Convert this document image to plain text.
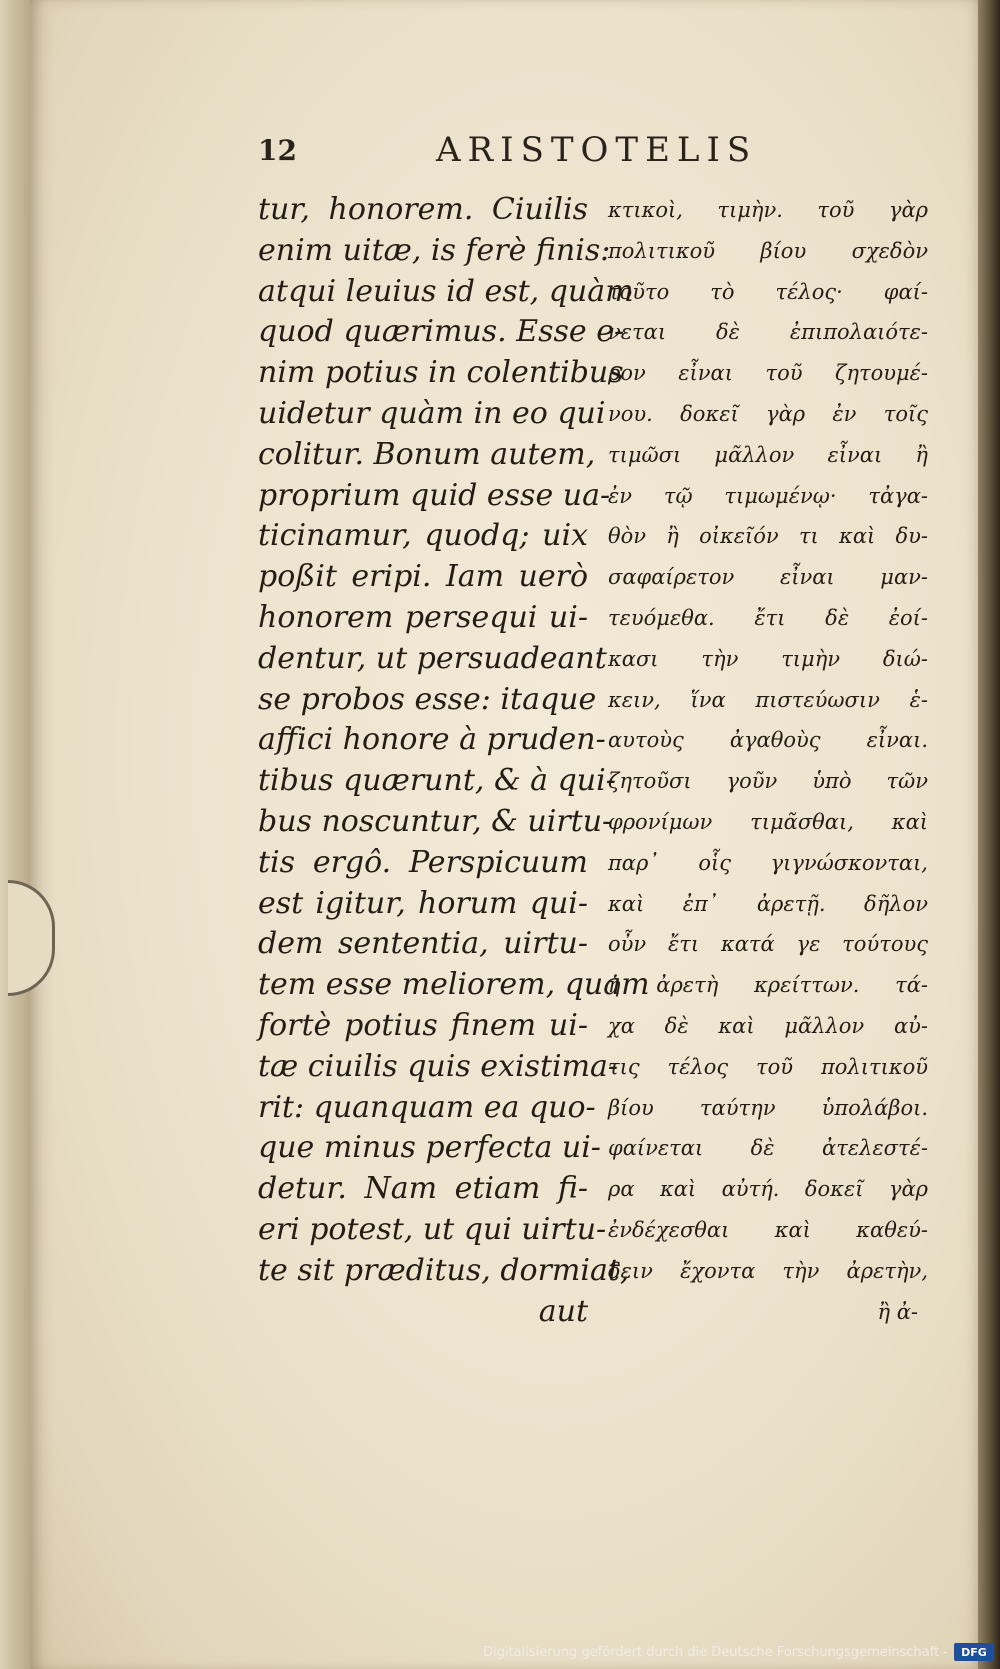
12	ARISTOTELIS
tur, honorem. Ciuilis
enim uitæ, is ferè finis:
atqui leuius id est, quàm
quod quærimus. Esse e-
nim potius in colentibus
uidetur quàm in eo qui
colitur. Bonum autem,
proprium quid esse ua-
ticinamur, quodq; uix
poßit eripi. Iam uerò
honorem persequi ui-
dentur, ut persuadeant
se probos esse: itaque
affici honore à pruden-
tibus quærunt, & à qui-
bus noscuntur, & uirtu-
tis ergô. Perspicuum
est igitur, horum qui-
dem sententia, uirtu-
tem esse meliorem, quam
fortè potius finem ui-
tæ ciuilis quis existima-
rit: quanquam ea quo-
que minus perfecta ui-
detur. Nam etiam fi-
eri potest, ut qui uirtu-
te sit præditus, dormiat,
aut
κτικοὶ, τιμὴν. τοῦ γὰρ
πολιτικοῦ βίου σχεδὸν
τοῦτο τὸ τέλος· φαί-
νεται δὲ ἐπιπολαιότε-
ρον εἶναι τοῦ ζητουμέ-
νου. δοκεῖ γὰρ ἐν τοῖς
τιμῶσι μᾶλλον εἶναι ἢ
ἐν τῷ τιμωμένῳ· τἀγα-
θὸν ἢ οἰκεῖόν τι καὶ δυ-
σαφαίρετον εἶναι μαν-
τευόμεθα. ἔτι δὲ ἐοί-
κασι τὴν τιμὴν διώ-
κειν, ἵνα πιστεύωσιν ἑ-
αυτοὺς ἀγαθοὺς εἶναι.
ζητοῦσι γοῦν ὑπὸ τῶν
φρονίμων τιμᾶσθαι, καὶ
παρ᾽ οἷς γιγνώσκονται,
καὶ ἐπ᾽ ἀρετῇ. δῆλον
οὖν ἔτι κατά γε τούτους
ἡ ἀρετὴ κρείττων. τά-
χα δὲ καὶ μᾶλλον αὐ-
τις τέλος τοῦ πολιτικοῦ
βίου ταύτην ὑπολάβοι.
φαίνεται δὲ ἀτελεστέ-
ρα καὶ αὐτή. δοκεῖ γὰρ
ἐνδέχεσθαι καὶ καθεύ-
δειν ἔχοντα τὴν ἀρετὴν,
ἢ ἀ-
Digitalisierung gefördert durch die Deutsche Forschungsgemeinschaft -	DFG
